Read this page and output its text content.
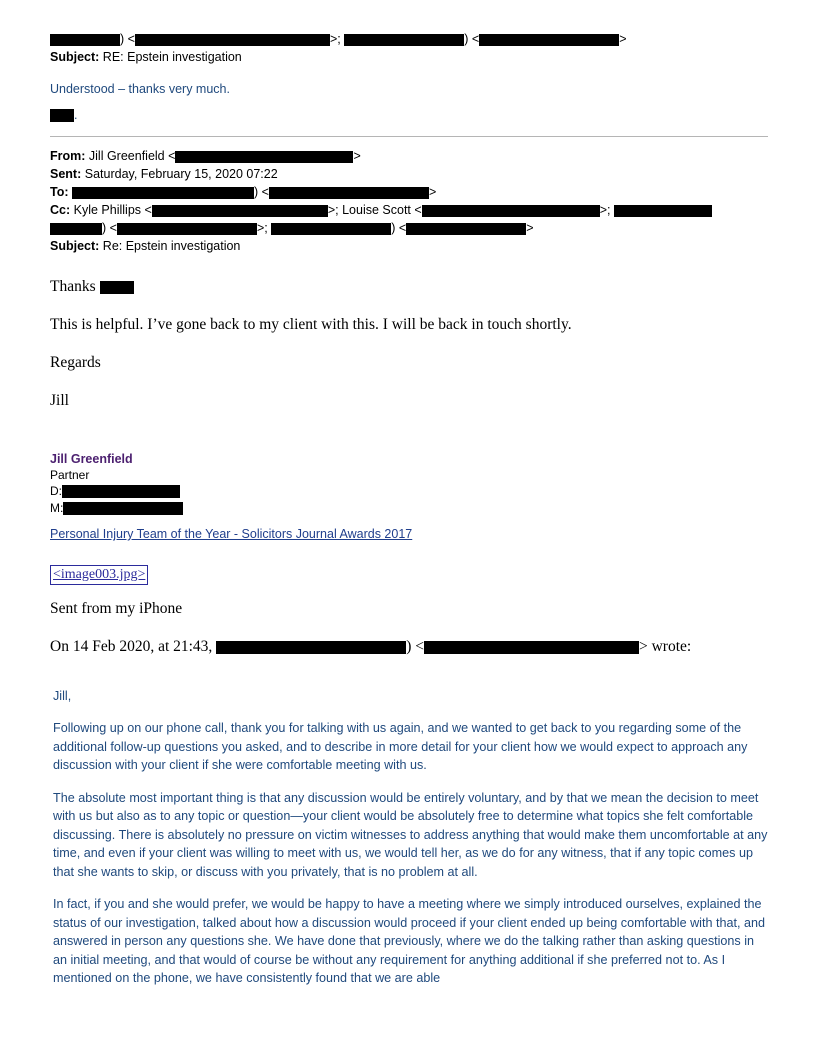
) <	>;	) <	>
Subject: RE: Epstein investigation
Understood – thanks very much.
.
From: Jill Greenfield <	>
Sent: Saturday, February 15, 2020 07:22
To:	) <	>
Cc: Kyle Phillips <	>; Louise Scott <	>;
) <	>;	) <	>
Subject: Re: Epstein investigation

Thanks

This is helpful. I’ve gone back to my client with this. I will be back in touch shortly.

Regards

Jill

Jill Greenfield
Partner
D:
M:
Personal Injury Team of the Year - Solicitors Journal Awards 2017
<image003.jpg>

Sent from my iPhone

On 14 Feb 2020, at 21:43,	) <	> wrote:

Jill,

Following up on our phone call, thank you for talking with us again, and we wanted to get back to you regarding some of the additional follow-up questions you asked, and to describe in more detail for your client how we would expect to approach any discussion with your client if she were comfortable meeting with us.

The absolute most important thing is that any discussion would be entirely voluntary, and by that we mean the decision to meet with us but also as to any topic or question—your client would be absolutely free to determine what topics she felt comfortable discussing. There is absolutely no pressure on victim witnesses to address anything that would make them uncomfortable at any time, and even if your client was willing to meet with us, we would tell her, as we do for any witness, that if any topic comes up that she wants to skip, or discuss with you privately, that is no problem at all.

In fact, if you and she would prefer, we would be happy to have a meeting where we simply introduced ourselves, explained the status of our investigation, talked about how a discussion would proceed if your client ended up being comfortable with that, and answered in person any questions she. We have done that previously, where we do the talking rather than asking questions in an initial meeting, and that would of course be without any requirement for anything additional if she preferred not to. As I mentioned on the phone, we have consistently found that we are able
